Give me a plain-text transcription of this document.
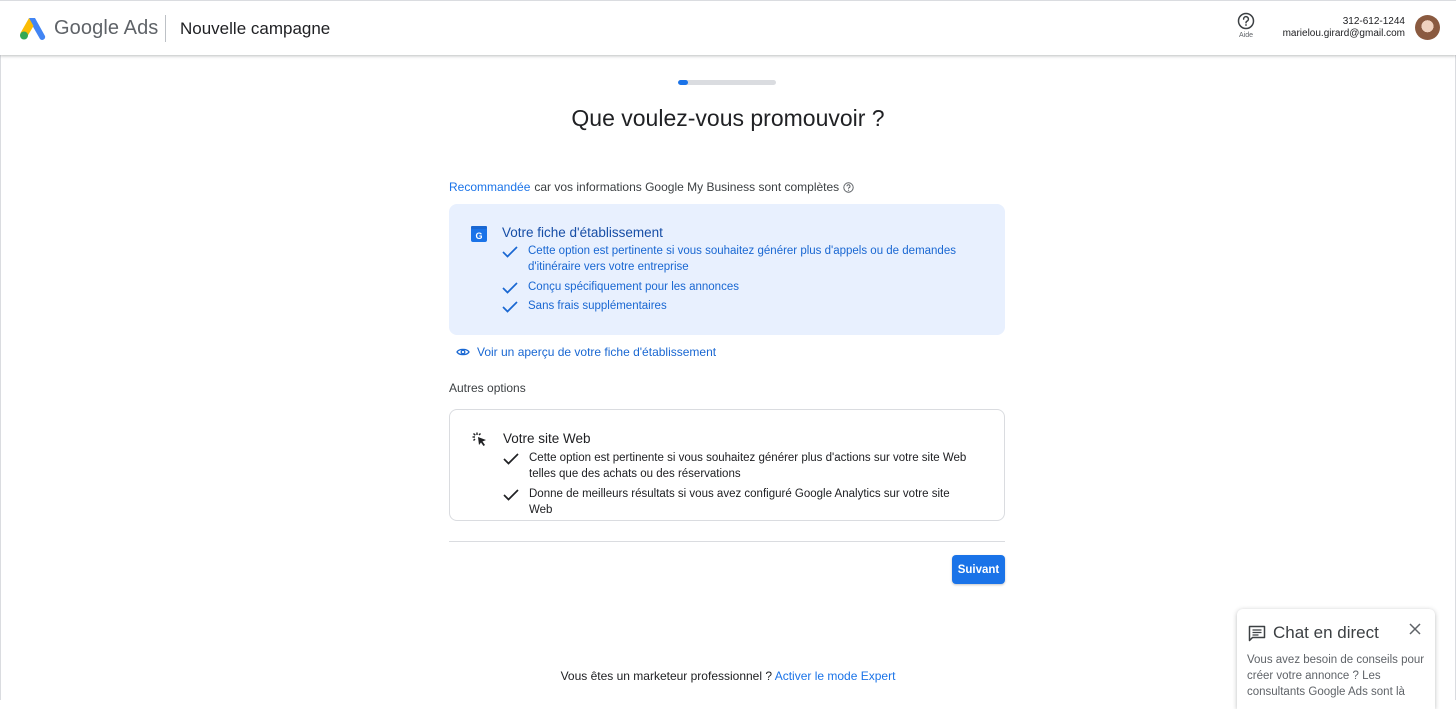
Google Ads Nouvelle campagne	Aide
312-612-1244
marielou.girard@gmail.com
Que voulez-vous promouvoir ?
Recommandée car vos informations Google My Business sont complètes
G Votre fiche d'établissement
Cette option est pertinente si vous souhaitez générer plus d'appels ou de demandes d'itinéraire vers votre entreprise
Conçu spécifiquement pour les annonces
Sans frais supplémentaires
Voir un aperçu de votre fiche d'établissement
Autres options
Votre site Web
Cette option est pertinente si vous souhaitez générer plus d'actions sur votre site Web telles que des achats ou des réservations
Donne de meilleurs résultats si vous avez configuré Google Analytics sur votre site Web
Suivant
Vous êtes un marketeur professionnel ? Activer le mode Expert
Chat en direct
Vous avez besoin de conseils pour créer votre annonce ? Les consultants Google Ads sont là
